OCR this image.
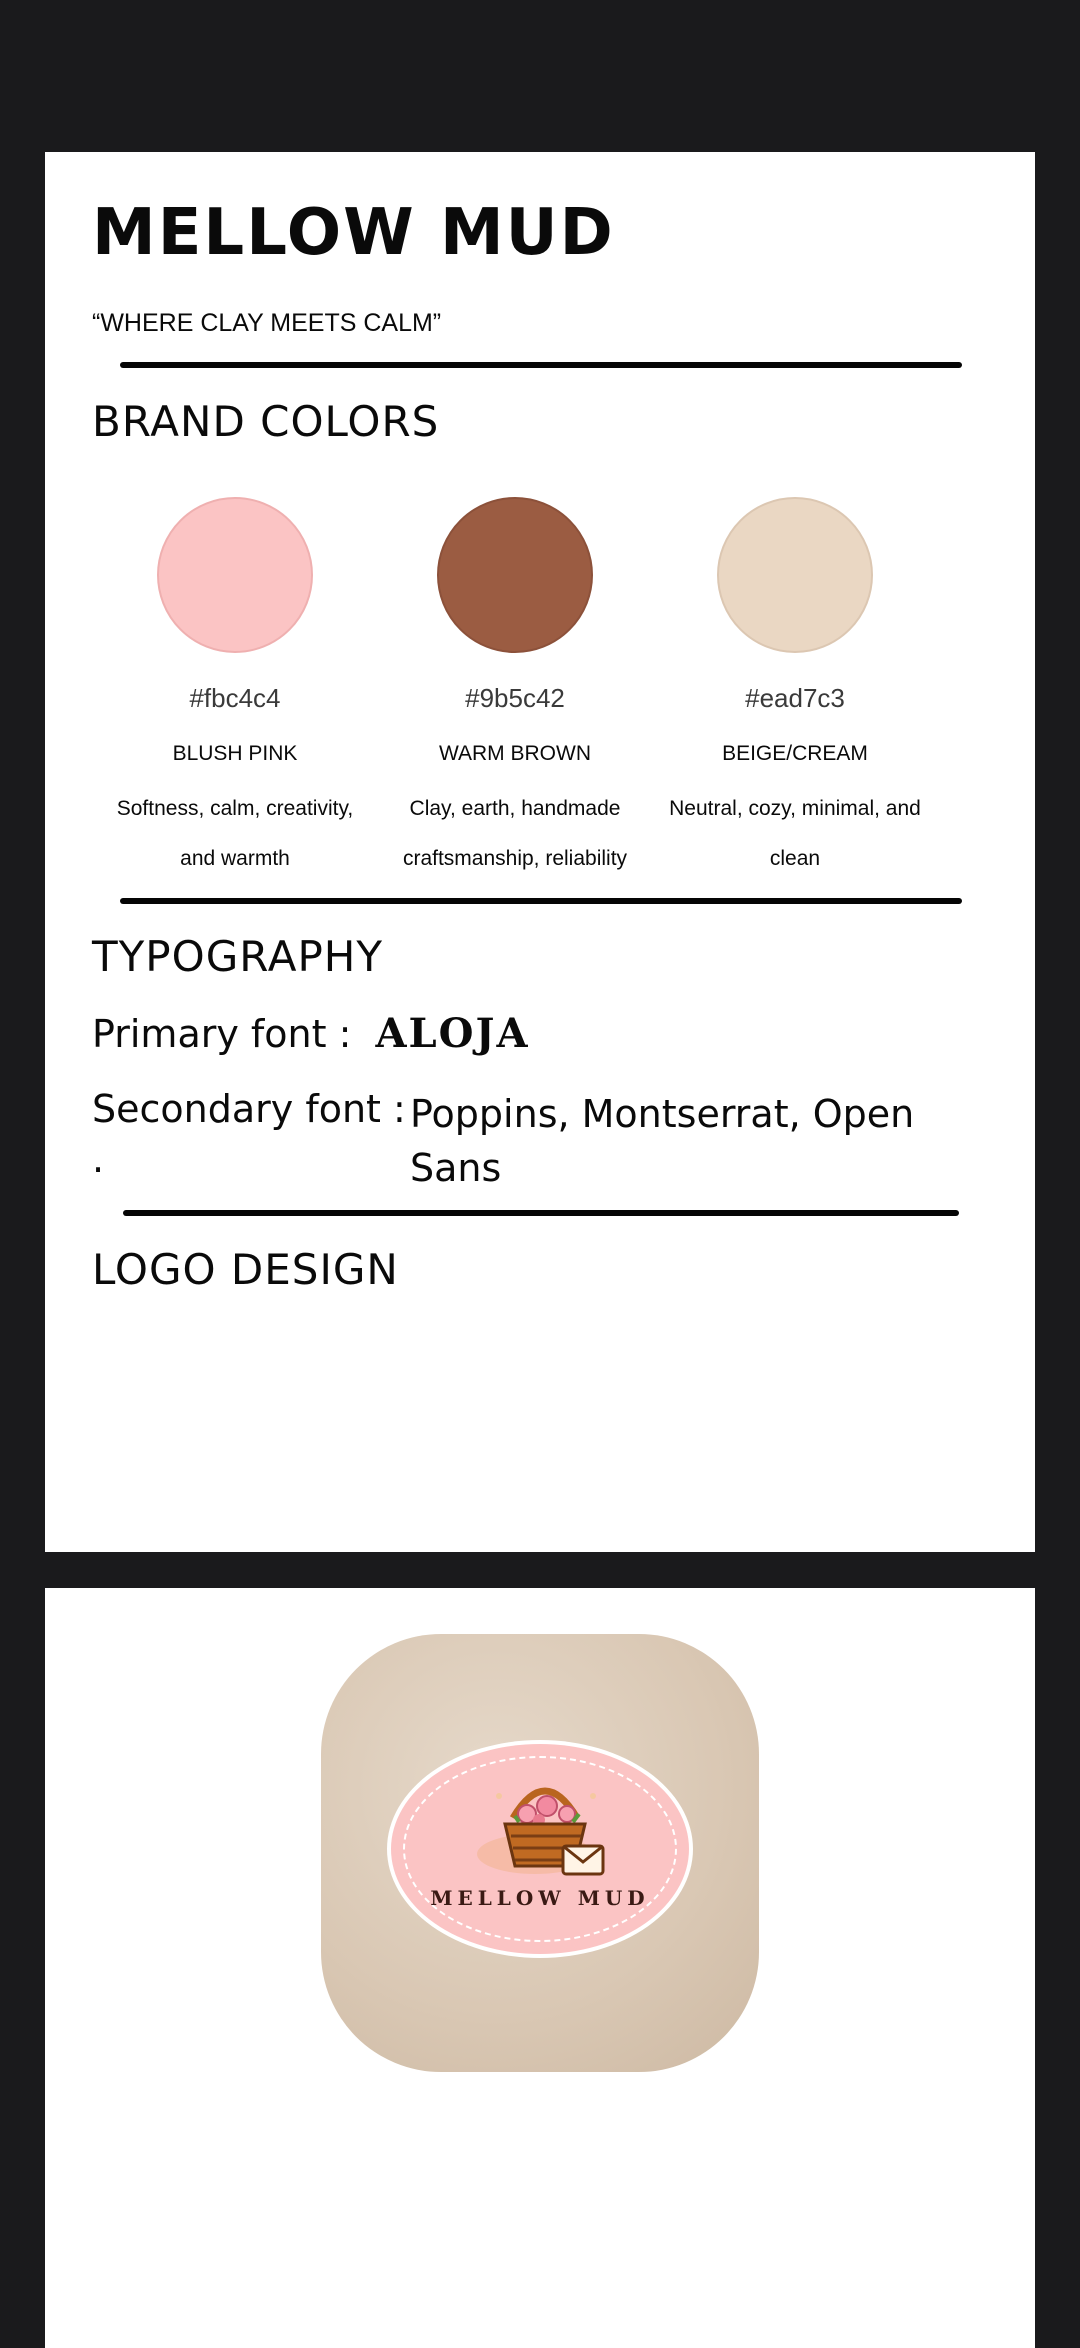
MELLOW MUD
“WHERE CLAY MEETS CALM”
BRAND COLORS
#fbc4c4
BLUSH PINK
Softness, calm, creativity, and warmth
#9b5c42
WARM BROWN
Clay, earth, handmade craftsmanship, reliability
#ead7c3
BEIGE/CREAM
Neutral, cozy, minimal, and clean
TYPOGRAPHY
Primary font : ALOJA
Secondary font :
.
Poppins, Montserrat, Open Sans
LOGO DESIGN
MELLOW MUD
